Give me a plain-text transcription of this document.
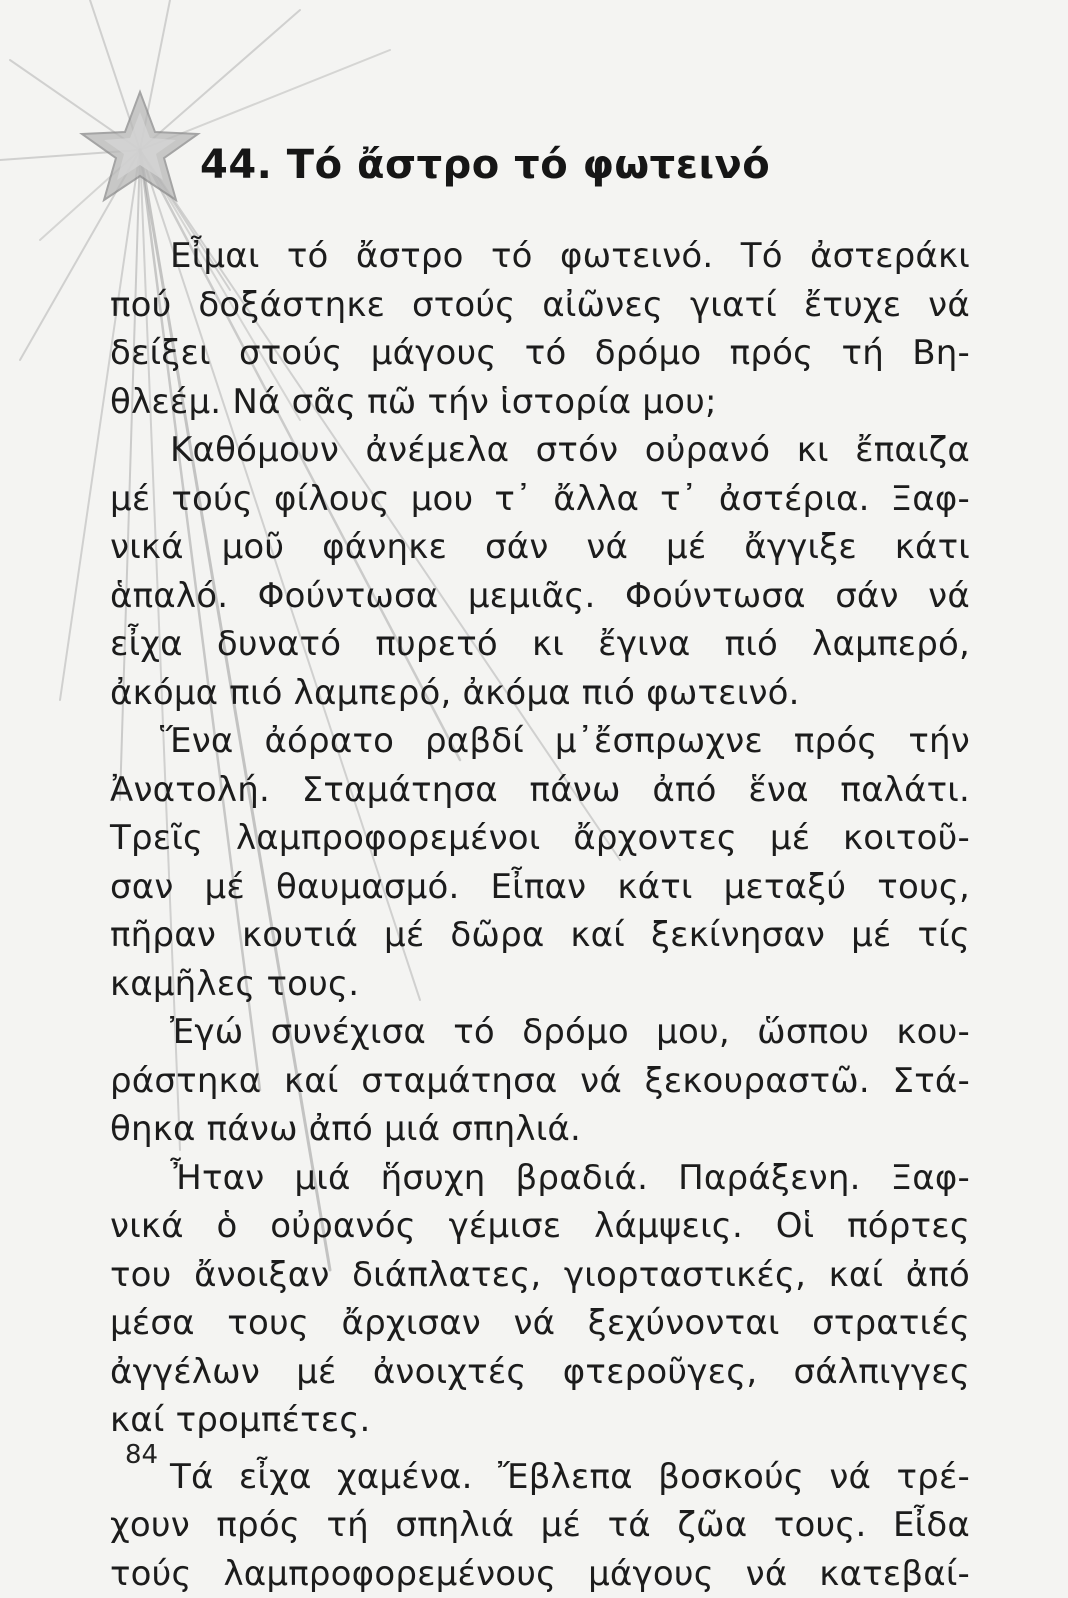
44. Τό ἄστρο τό φωτεινό
Εἶμαι τό ἄστρο τό φωτεινό. Τό ἀστεράκι
πού δοξάστηκε στούς αἰῶνες γιατί ἔτυχε νά
δείξει στούς μάγους τό δρόμο πρός τή Βη-
θλεέμ. Νά σᾶς πῶ τήν ἱστορία μου;
Καθόμουν ἀνέμελα στόν οὐρανό κι ἔπαιζα
μέ τούς φίλους μου τ᾽ ἄλλα τ᾽ ἀστέρια. Ξαφ-
νικά μοῦ φάνηκε σάν νά μέ ἄγγιξε κάτι
ἁπαλό. Φούντωσα μεμιᾶς. Φούντωσα σάν νά
εἶχα δυνατό πυρετό κι ἔγινα πιό λαμπερό,
ἀκόμα πιό λαμπερό, ἀκόμα πιό φωτεινό.
Ἕνα ἀόρατο ραβδί μ᾽ἔσπρωχνε πρός τήν
Ἀνατολή. Σταμάτησα πάνω ἀπό ἕνα παλάτι.
Τρεῖς λαμπροφορεμένοι ἄρχοντες μέ κοιτοῦ-
σαν μέ θαυμασμό. Εἶπαν κάτι μεταξύ τους,
πῆραν κουτιά μέ δῶρα καί ξεκίνησαν μέ τίς
καμῆλες τους.
Ἐγώ συνέχισα τό δρόμο μου, ὥσπου κου-
ράστηκα καί σταμάτησα νά ξεκουραστῶ. Στά-
θηκα πάνω ἀπό μιά σπηλιά.
Ἦταν μιά ἥσυχη βραδιά. Παράξενη. Ξαφ-
νικά ὁ οὐρανός γέμισε λάμψεις. Οἱ πόρτες
του ἄνοιξαν διάπλατες, γιορταστικές, καί ἀπό
μέσα τους ἄρχισαν νά ξεχύνονται στρατιές
ἀγγέλων μέ ἀνοιχτές φτεροῦγες, σάλπιγγες
καί τρομπέτες.
Τά εἶχα χαμένα. Ἔβλεπα βοσκούς νά τρέ-
χουν πρός τή σπηλιά μέ τά ζῶα τους. Εἶδα
τούς λαμπροφορεμένους μάγους νά κατεβαί-
84
